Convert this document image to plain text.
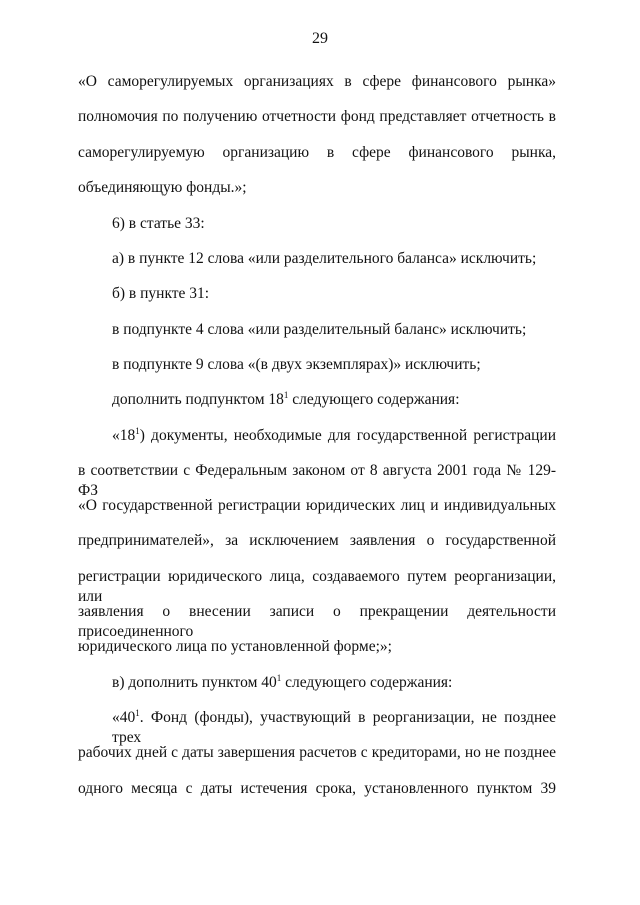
29
«О саморегулируемых организациях в сфере финансового рынка»
полномочия по получению отчетности фонд представляет отчетность в
саморегулируемую организацию в сфере финансового рынка,
объединяющую фонды.»;
6) в статье 33:
а) в пункте 12 слова «или разделительного баланса» исключить;
б) в пункте 31:
в подпункте 4 слова «или разделительный баланс» исключить;
в подпункте 9 слова «(в двух экземплярах)» исключить;
дополнить подпунктом $18^1$ следующего содержания:
«$18^1$) документы, необходимые для государственной регистрации
в соответствии с Федеральным законом от 8 августа 2001 года № 129-ФЗ
«О государственной регистрации юридических лиц и индивидуальных
предпринимателей», за исключением заявления о государственной
регистрации юридического лица, создаваемого путем реорганизации, или
заявления о внесении записи о прекращении деятельности присоединенного
юридического лица по установленной форме;»;
в) дополнить пунктом $40^1$ следующего содержания:
«$40^1$. Фонд (фонды), участвующий в реорганизации, не позднее трех
рабочих дней с даты завершения расчетов с кредиторами, но не позднее
одного месяца с даты истечения срока, установленного пунктом 39
